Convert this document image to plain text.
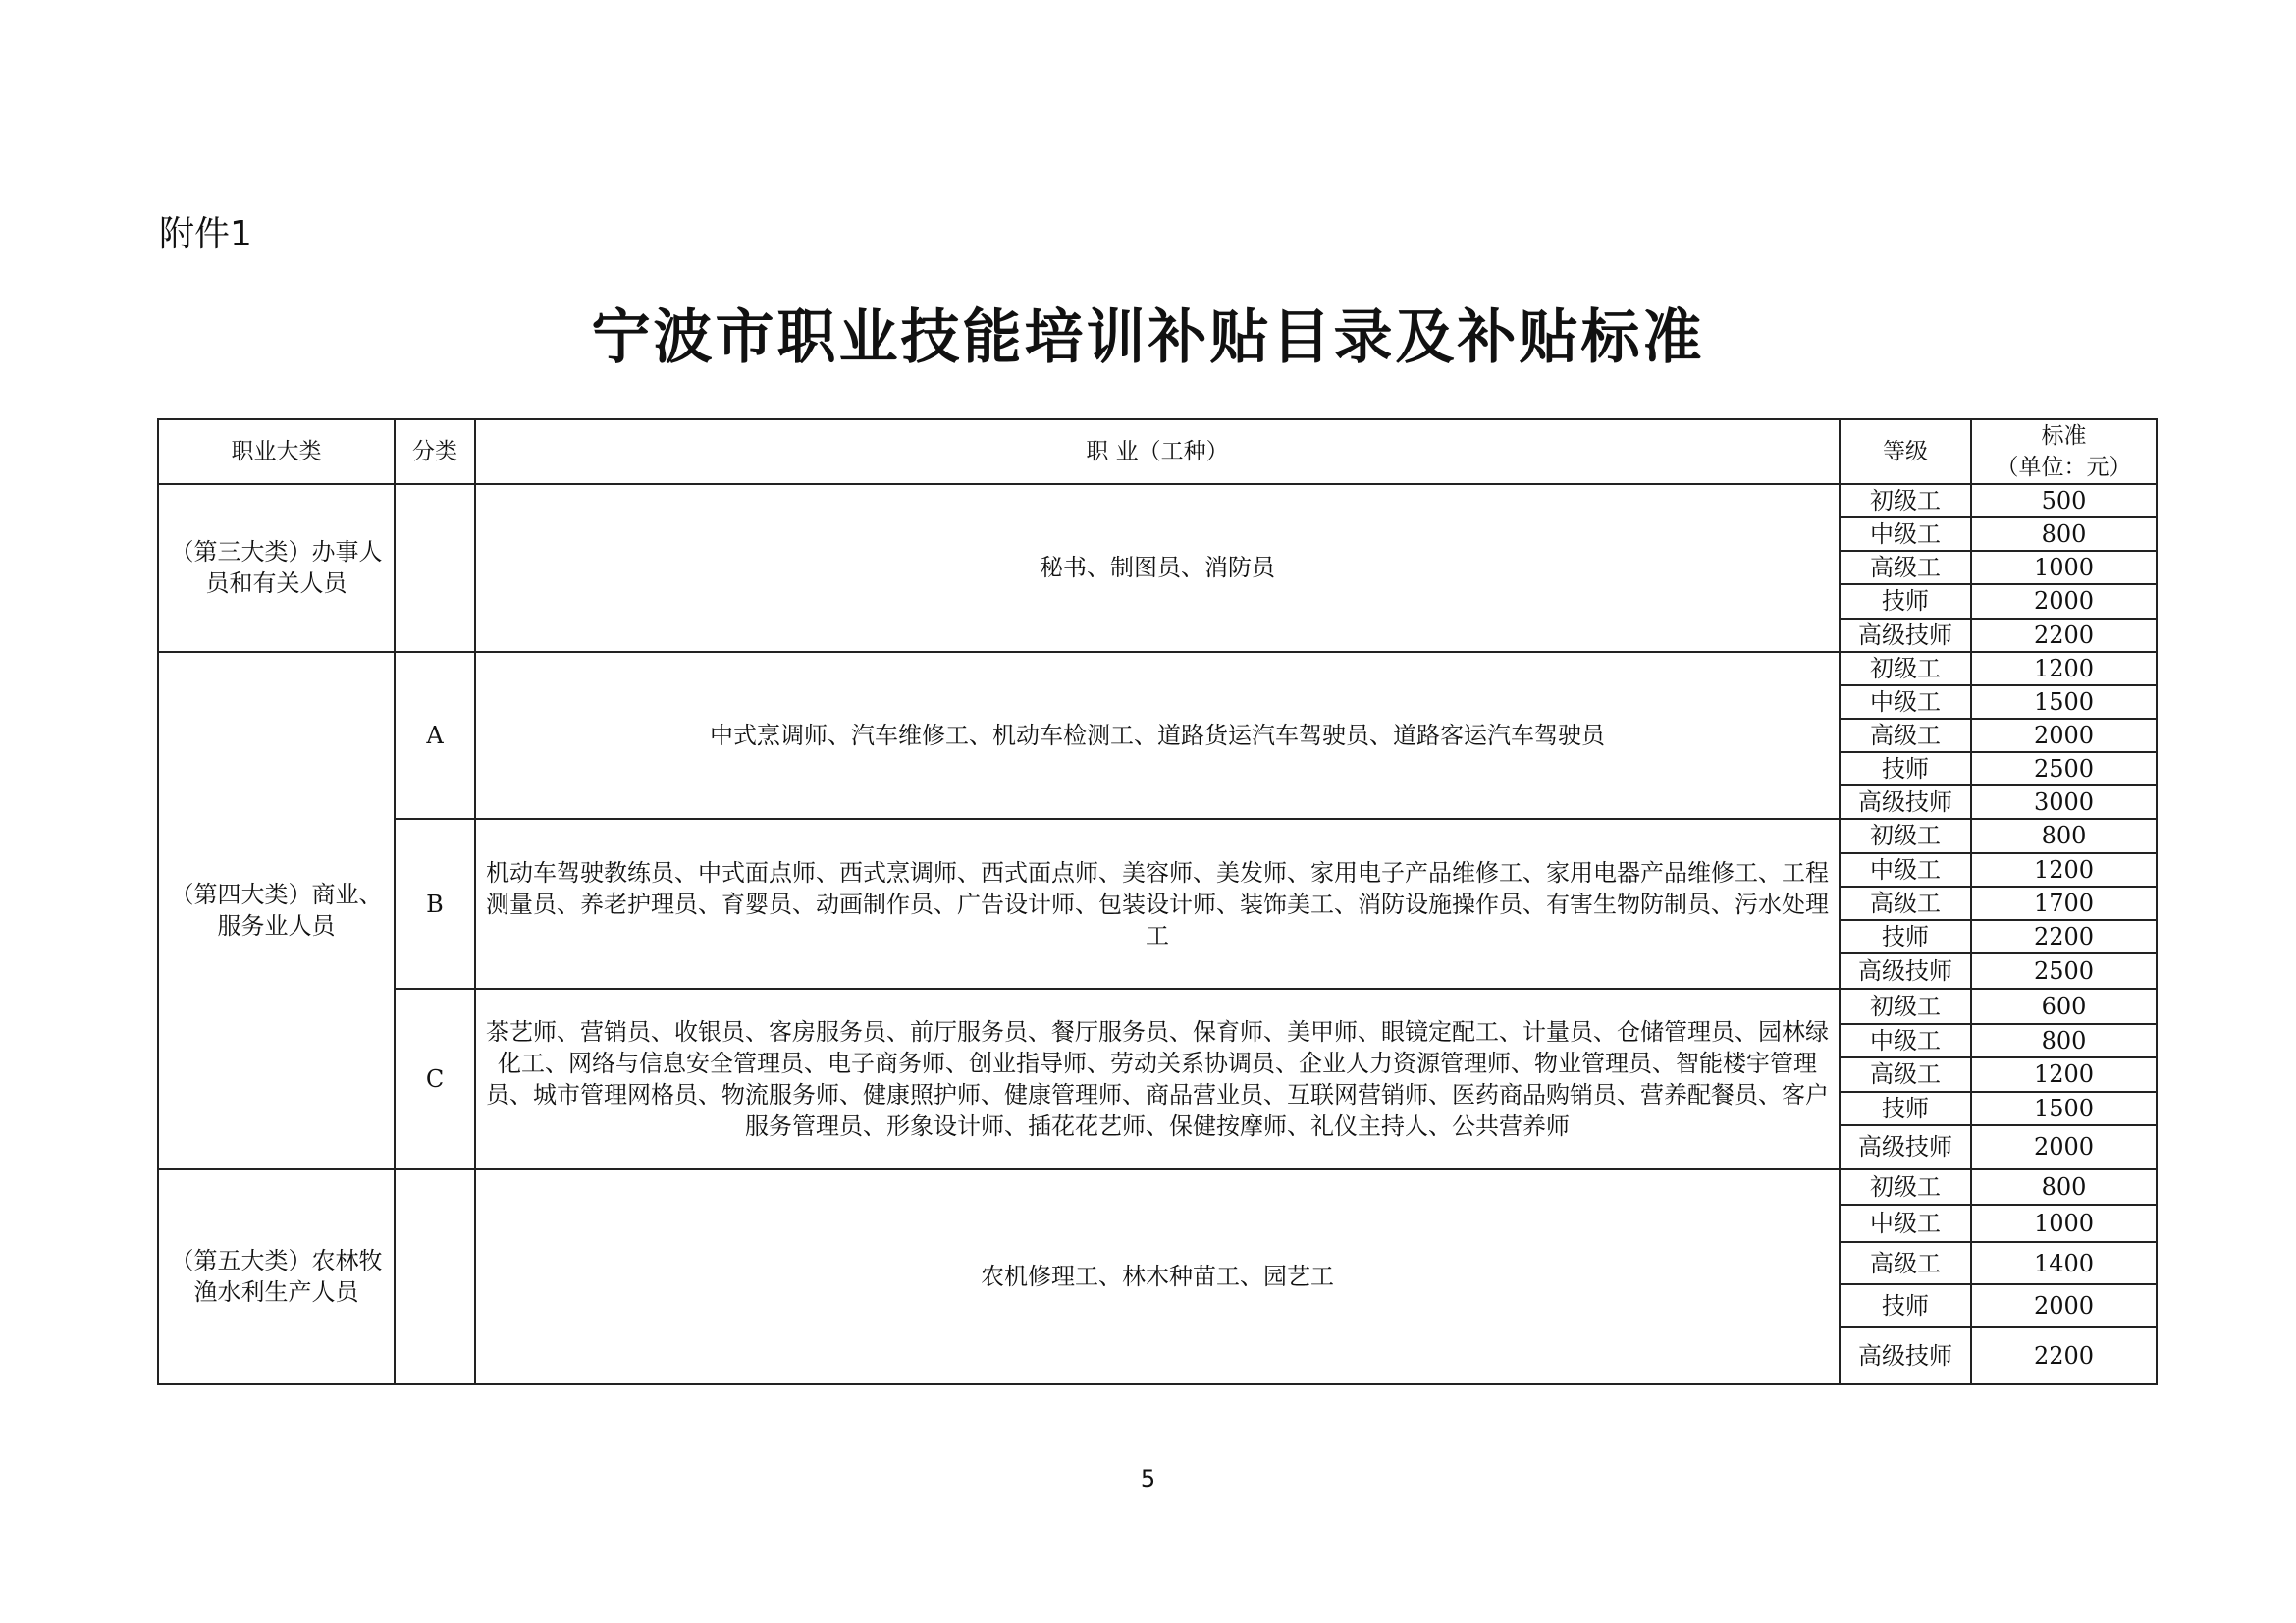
附件1

宁波市职业技能培训补贴目录及补贴标准
职业大类	分类	职 业（工种）	等级	标准
（单位：元）

（第三大类）办事人员和有关人员		秘书、制图员、消防员	初级工	500
			中级工	800
			高级工	1000
			技师	2000
			高级技师	2200
（第四大类）商业、服务业人员	A	中式烹调师、汽车维修工、机动车检测工、道路货运汽车驾驶员、道路客运汽车驾驶员	初级工	1200
			中级工	1500
			高级工	2000
			技师	2500
			高级技师	3000
	B	机动车驾驶教练员、中式面点师、西式烹调师、西式面点师、美容师、美发师、家用电子产品维修工、家用电器产品维修工、工程测量员、养老护理员、育婴员、动画制作员、广告设计师、包装设计师、装饰美工、消防设施操作员、有害生物防制员、污水处理工	初级工	800
			中级工	1200
			高级工	1700
			技师	2200
			高级技师	2500
	C	茶艺师、营销员、收银员、客房服务员、前厅服务员、餐厅服务员、保育师、美甲师、眼镜定配工、计量员、仓储管理员、园林绿化工、网络与信息安全管理员、电子商务师、创业指导师、劳动关系协调员、企业人力资源管理师、物业管理员、智能楼宇管理员、城市管理网格员、物流服务师、健康照护师、健康管理师、商品营业员、互联网营销师、医药商品购销员、营养配餐员、客户服务管理员、形象设计师、插花花艺师、保健按摩师、礼仪主持人、公共营养师	初级工	600
			中级工	800
			高级工	1200
			技师	1500
			高级技师	2000
（第五大类）农林牧渔水利生产人员		农机修理工、林木种苗工、园艺工	初级工	800
			中级工	1000
			高级工	1400
			技师	2000
			高级技师	2200
5
